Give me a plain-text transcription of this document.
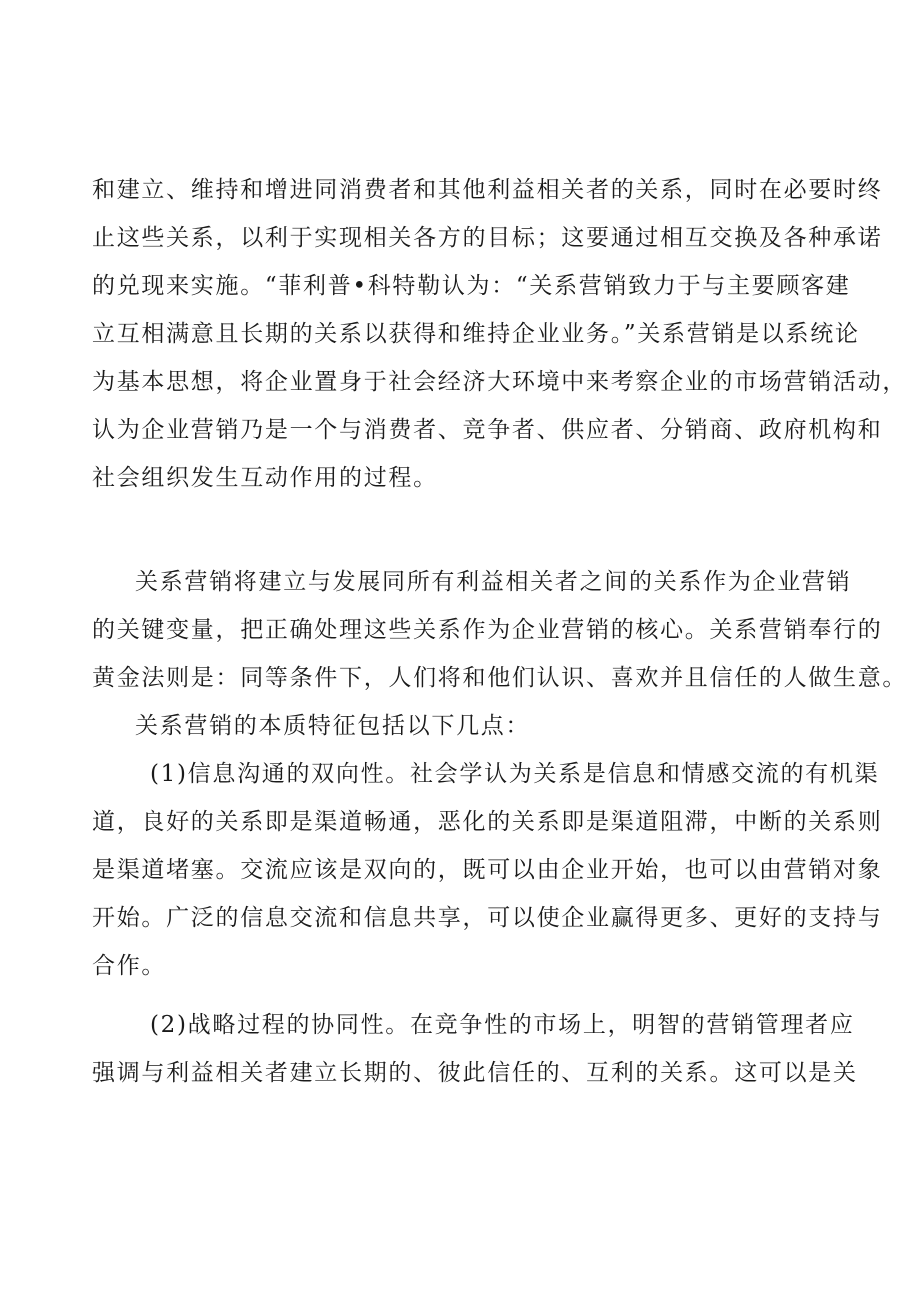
和建立、维持和增进同消费者和其他利益相关者的关系，同时在必要时终
止这些关系，以利于实现相关各方的目标；这要通过相互交换及各种承诺
的兑现来实施。“菲利普•科特勒认为：“关系营销致力于与主要顾客建
立互相满意且长期的关系以获得和维持企业业务。”关系营销是以系统论
为基本思想，将企业置身于社会经济大环境中来考察企业的市场营销活动，
认为企业营销乃是一个与消费者、竞争者、供应者、分销商、政府机构和
社会组织发生互动作用的过程。
关系营销将建立与发展同所有利益相关者之间的关系作为企业营销
的关键变量，把正确处理这些关系作为企业营销的核心。关系营销奉行的
黄金法则是：同等条件下，人们将和他们认识、喜欢并且信任的人做生意。
关系营销的本质特征包括以下几点：
(1)信息沟通的双向性。社会学认为关系是信息和情感交流的有机渠
道，良好的关系即是渠道畅通，恶化的关系即是渠道阻滞，中断的关系则
是渠道堵塞。交流应该是双向的，既可以由企业开始，也可以由营销对象
开始。广泛的信息交流和信息共享，可以使企业赢得更多、更好的支持与
合作。
(2)战略过程的协同性。在竞争性的市场上，明智的营销管理者应
强调与利益相关者建立长期的、彼此信任的、互利的关系。这可以是关
